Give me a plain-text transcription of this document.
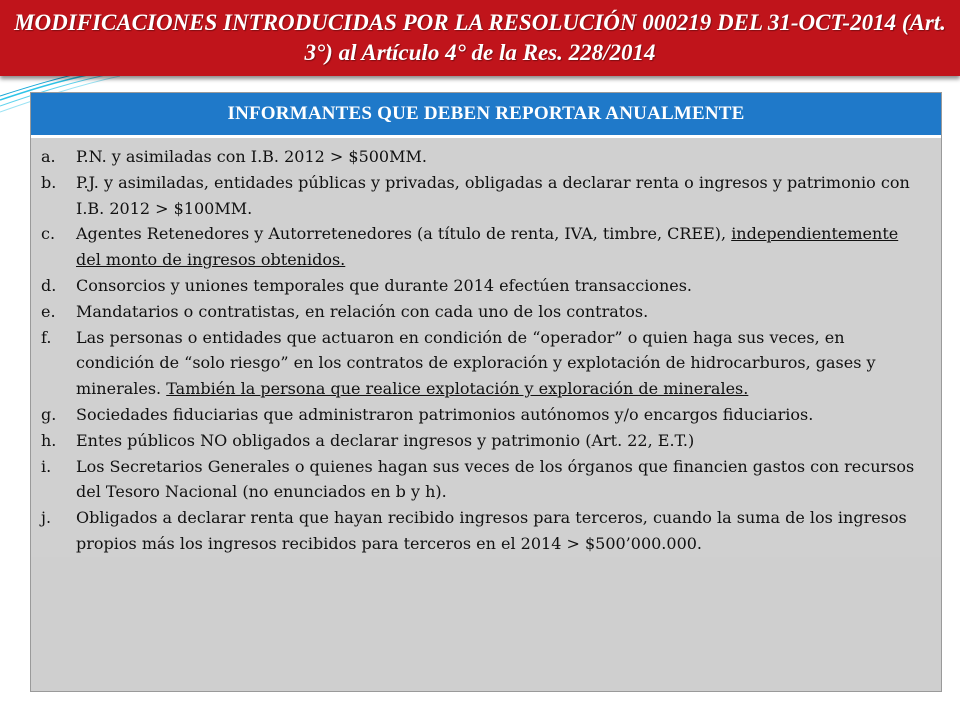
MODIFICACIONES INTRODUCIDAS POR LA RESOLUCIÓN 000219 DEL 31-OCT-2014 (Art. 3°) al Artículo 4° de la Res. 228/2014
INFORMANTES QUE DEBEN REPORTAR ANUALMENTE
a.	P.N. y asimiladas con I.B. 2012 > $500MM.
b.	P.J. y asimiladas, entidades públicas y privadas, obligadas a declarar renta o ingresos y patrimonio con I.B. 2012 > $100MM.
c.	Agentes Retenedores y Autorretenedores (a título de renta, IVA, timbre, CREE), independientemente del monto de ingresos obtenidos.
d.	Consorcios y uniones temporales que durante 2014 efectúen transacciones.
e.	Mandatarios o contratistas, en relación con cada uno de los contratos.
f.	Las personas o entidades que actuaron en condición de “operador” o quien haga sus veces, en condición de “solo riesgo” en los contratos de exploración y explotación de hidrocarburos, gases y minerales. También la persona que realice explotación y exploración de minerales.
g.	Sociedades fiduciarias que administraron patrimonios autónomos y/o encargos fiduciarios.
h.	Entes públicos NO obligados a declarar ingresos y patrimonio (Art. 22, E.T.)
i.	Los Secretarios Generales o quienes hagan sus veces de los órganos que financien gastos con recursos del Tesoro Nacional (no enunciados en b y h).
j.	Obligados a declarar renta que hayan recibido ingresos para terceros, cuando la suma de los ingresos propios más los ingresos recibidos para terceros en el 2014 > $500’000.000.
